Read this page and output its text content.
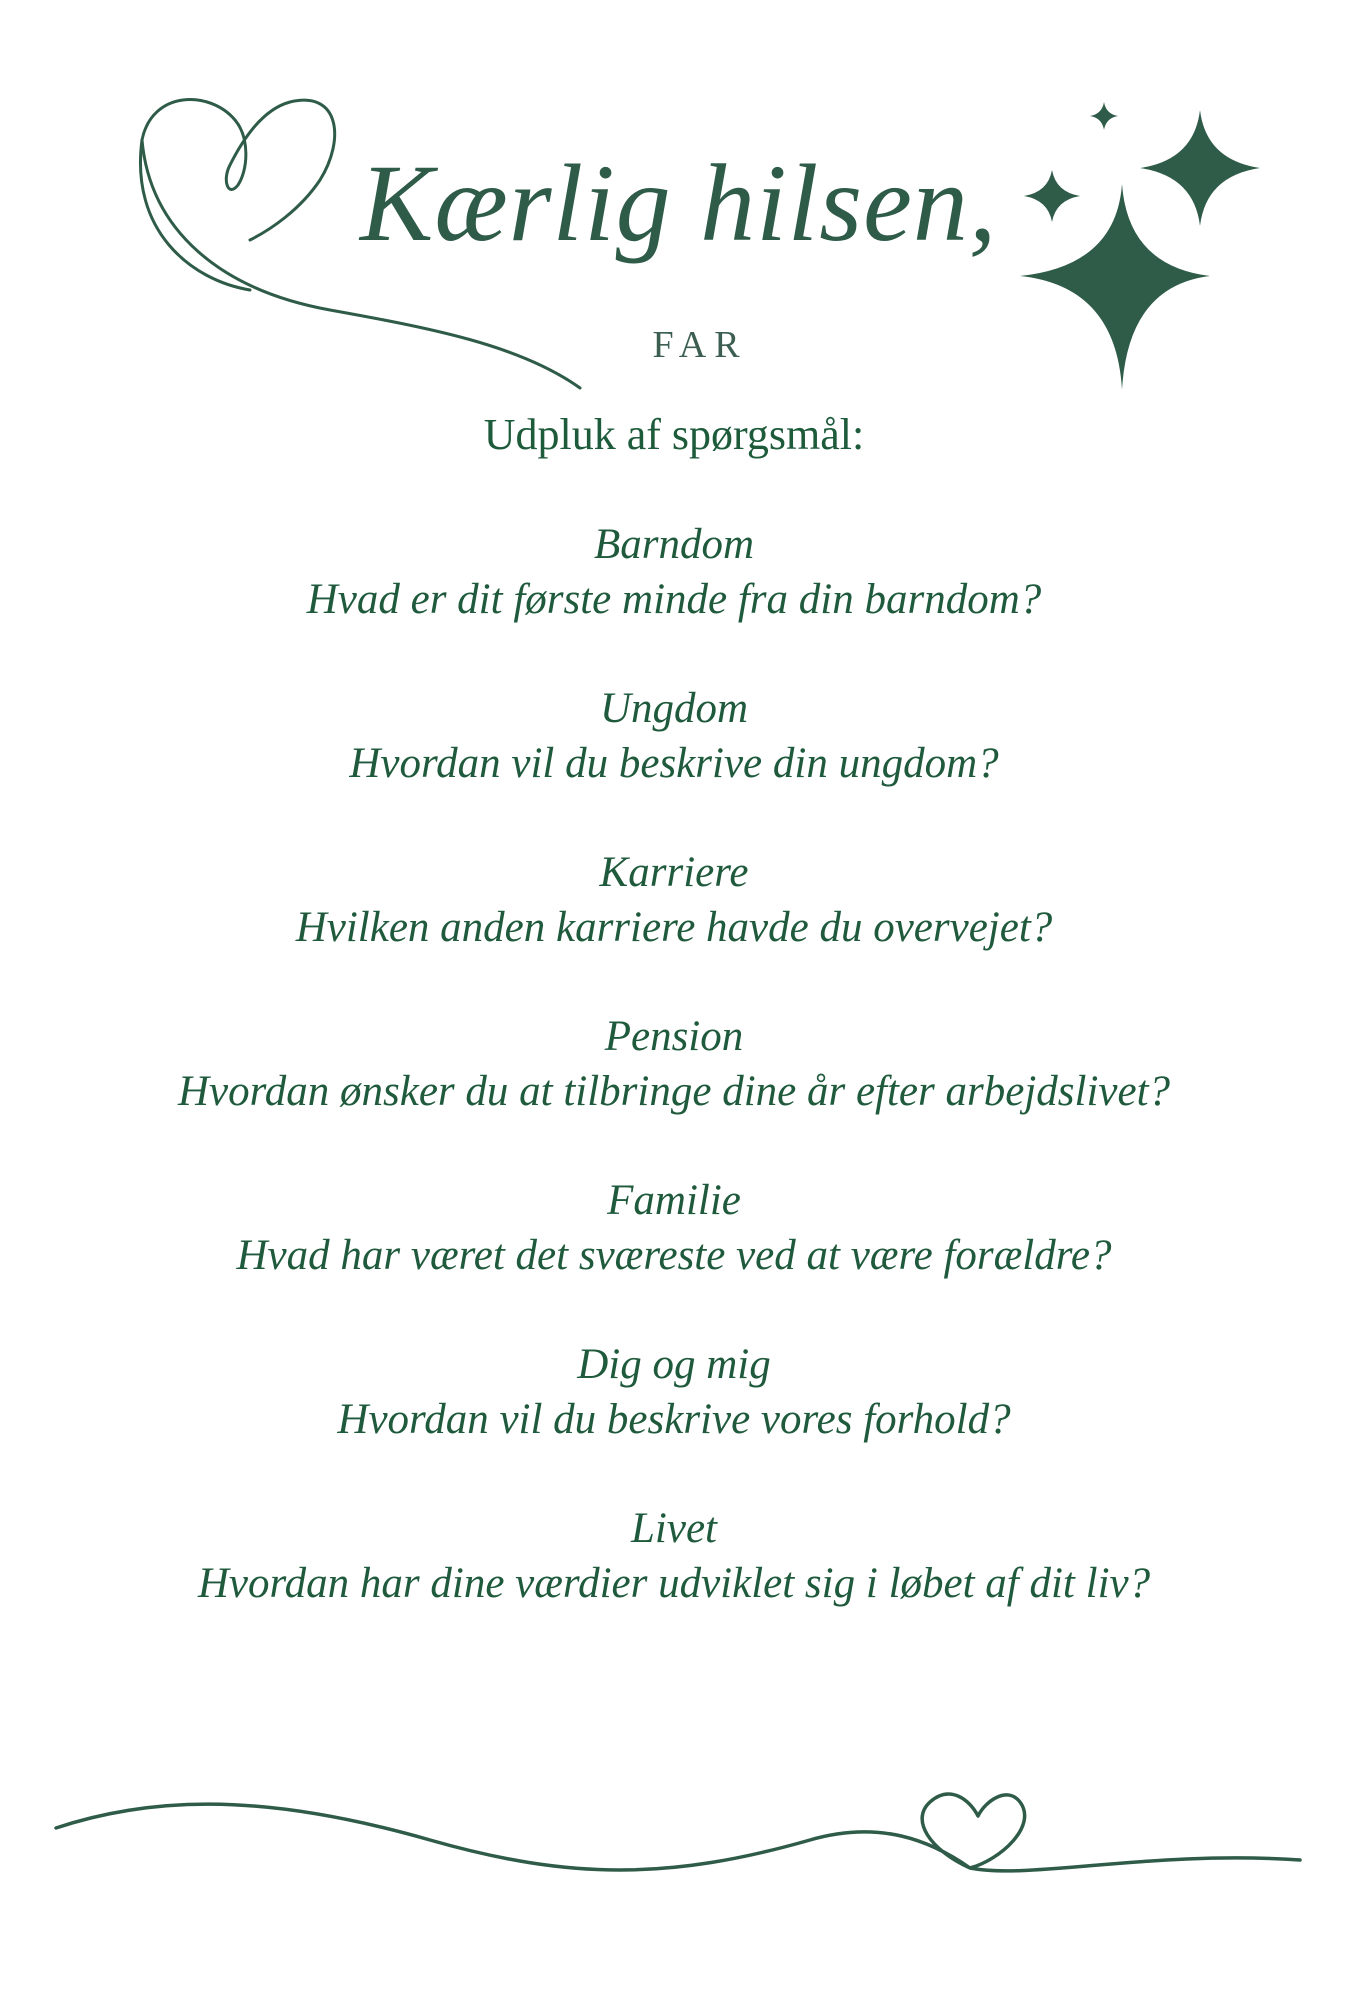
Kærlig hilsen,
FAR
Udpluk af spørgsmål:
Barndom
Hvad er dit første minde fra din barndom?
Ungdom
Hvordan vil du beskrive din ungdom?
Karriere
Hvilken anden karriere havde du overvejet?
Pension
Hvordan ønsker du at tilbringe dine år efter arbejdslivet?
Familie
Hvad har været det sværeste ved at være forældre?
Dig og mig
Hvordan vil du beskrive vores forhold?
Livet
Hvordan har dine værdier udviklet sig i løbet af dit liv?
